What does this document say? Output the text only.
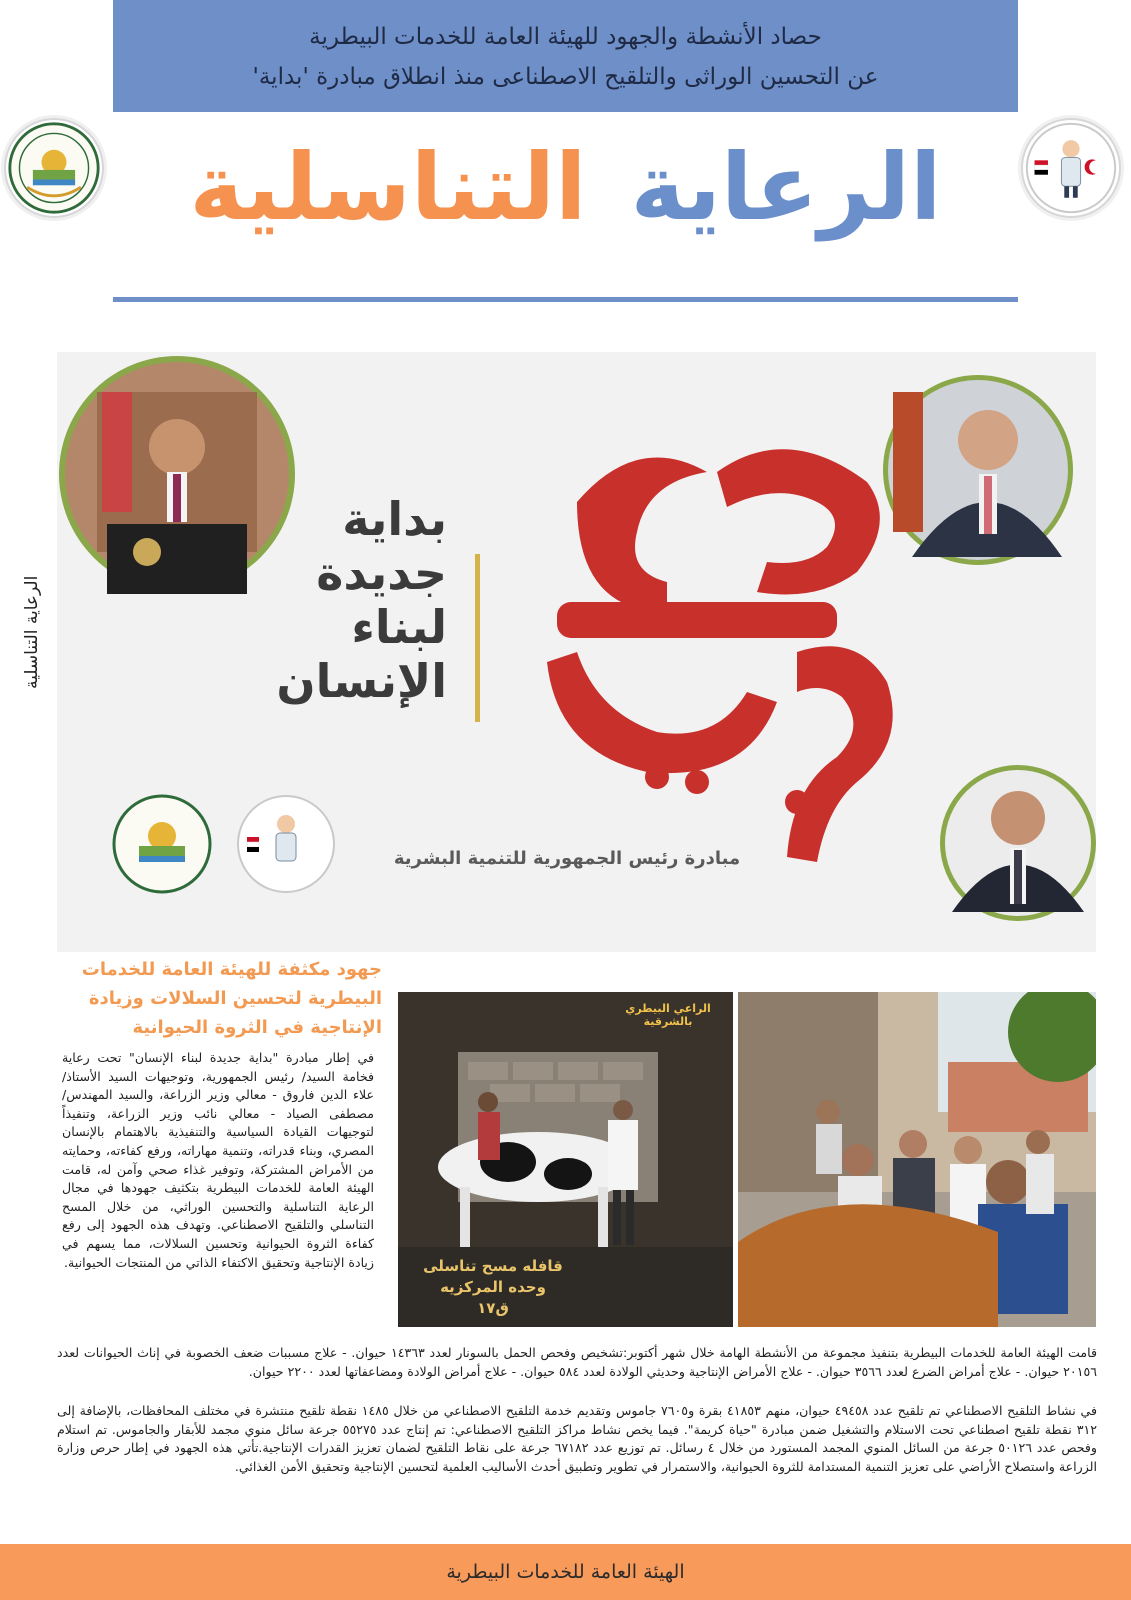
حصاد الأنشطة والجهود للهيئة العامة للخدمات البيطرية
عن التحسين الوراثى والتلقيح الاصطناعى منذ انطلاق مبادرة 'بداية'
الرعايةالتناسلية
الرعاية التناسلية
بداية
جديدة
لبناء
الإنسان
مبادرة رئيس الجمهورية للتنمية البشرية
جهود مكثفة للهيئة العامة للخدمات البيطرية لتحسين السلالات وزيادة الإنتاجية في الثروة الحيوانية
الراعي البيطري بالشرقية
قافله مسح تناسلى
وحده المركزيه
ق١٧
في إطار مبادرة "بداية جديدة لبناء الإنسان" تحت رعاية فخامة السيد/ رئيس الجمهورية، وتوجيهات السيد الأستاذ/ علاء الدين فاروق - معالي وزير الزراعة، والسيد المهندس/ مصطفى الصياد - معالي نائب وزير الزراعة، وتنفيذاً لتوجيهات القيادة السياسية والتنفيذية بالاهتمام بالإنسان المصري، وبناء قدراته، وتنمية مهاراته، ورفع كفاءته، وحمايته من الأمراض المشتركة، وتوفير غذاء صحي وآمن له، قامت الهيئة العامة للخدمات البيطرية بتكثيف جهودها في مجال الرعاية التناسلية والتحسين الوراثي، من خلال المسح التناسلي والتلقيح الاصطناعي. وتهدف هذه الجهود إلى رفع كفاءة الثروة الحيوانية وتحسين السلالات، مما يسهم في زيادة الإنتاجية وتحقيق الاكتفاء الذاتي من المنتجات الحيوانية.
قامت الهيئة العامة للخدمات البيطرية بتنفيذ مجموعة من الأنشطة الهامة خلال شهر أكتوبر:تشخيص وفحص الحمل بالسونار لعدد ١٤٣٦٣ حيوان. - علاج مسببات ضعف الخصوبة في إناث الحيوانات لعدد ٢٠١٥٦ حيوان. - علاج أمراض الضرع لعدد ٣٥٦٦ حيوان. - علاج الأمراض الإنتاجية وحديثي الولادة لعدد ٥٨٤ حيوان. - علاج أمراض الولادة ومضاعفاتها لعدد ٢٢٠٠ حيوان.
في نشاط التلقيح الاصطناعي تم تلقيح عدد ٤٩٤٥٨ حيوان، منهم ٤١٨٥٣ بقرة و٧٦٠٥ جاموس وتقديم خدمة التلقيح الاصطناعي من خلال ١٤٨٥ نقطة تلقيح منتشرة في مختلف المحافظات، بالإضافة إلى ٣١٢ نقطة تلقيح اصطناعي تحت الاستلام والتشغيل ضمن مبادرة "حياة كريمة". فيما يخص نشاط مراكز التلقيح الاصطناعي: تم إنتاج عدد ٥٥٢٧٥ جرعة سائل منوي مجمد للأبقار والجاموس. تم استلام وفحص عدد ٥٠١٢٦ جرعة من السائل المنوي المجمد المستورد من خلال ٤ رسائل. تم توزيع عدد ٦٧١٨٢ جرعة على نقاط التلقيح لضمان تعزيز القدرات الإنتاجية.تأتي هذه الجهود في إطار حرص وزارة الزراعة واستصلاح الأراضي على تعزيز التنمية المستدامة للثروة الحيوانية، والاستمرار في تطوير وتطبيق أحدث الأساليب العلمية لتحسين الإنتاجية وتحقيق الأمن الغذائي.
الهيئة العامة للخدمات البيطرية
